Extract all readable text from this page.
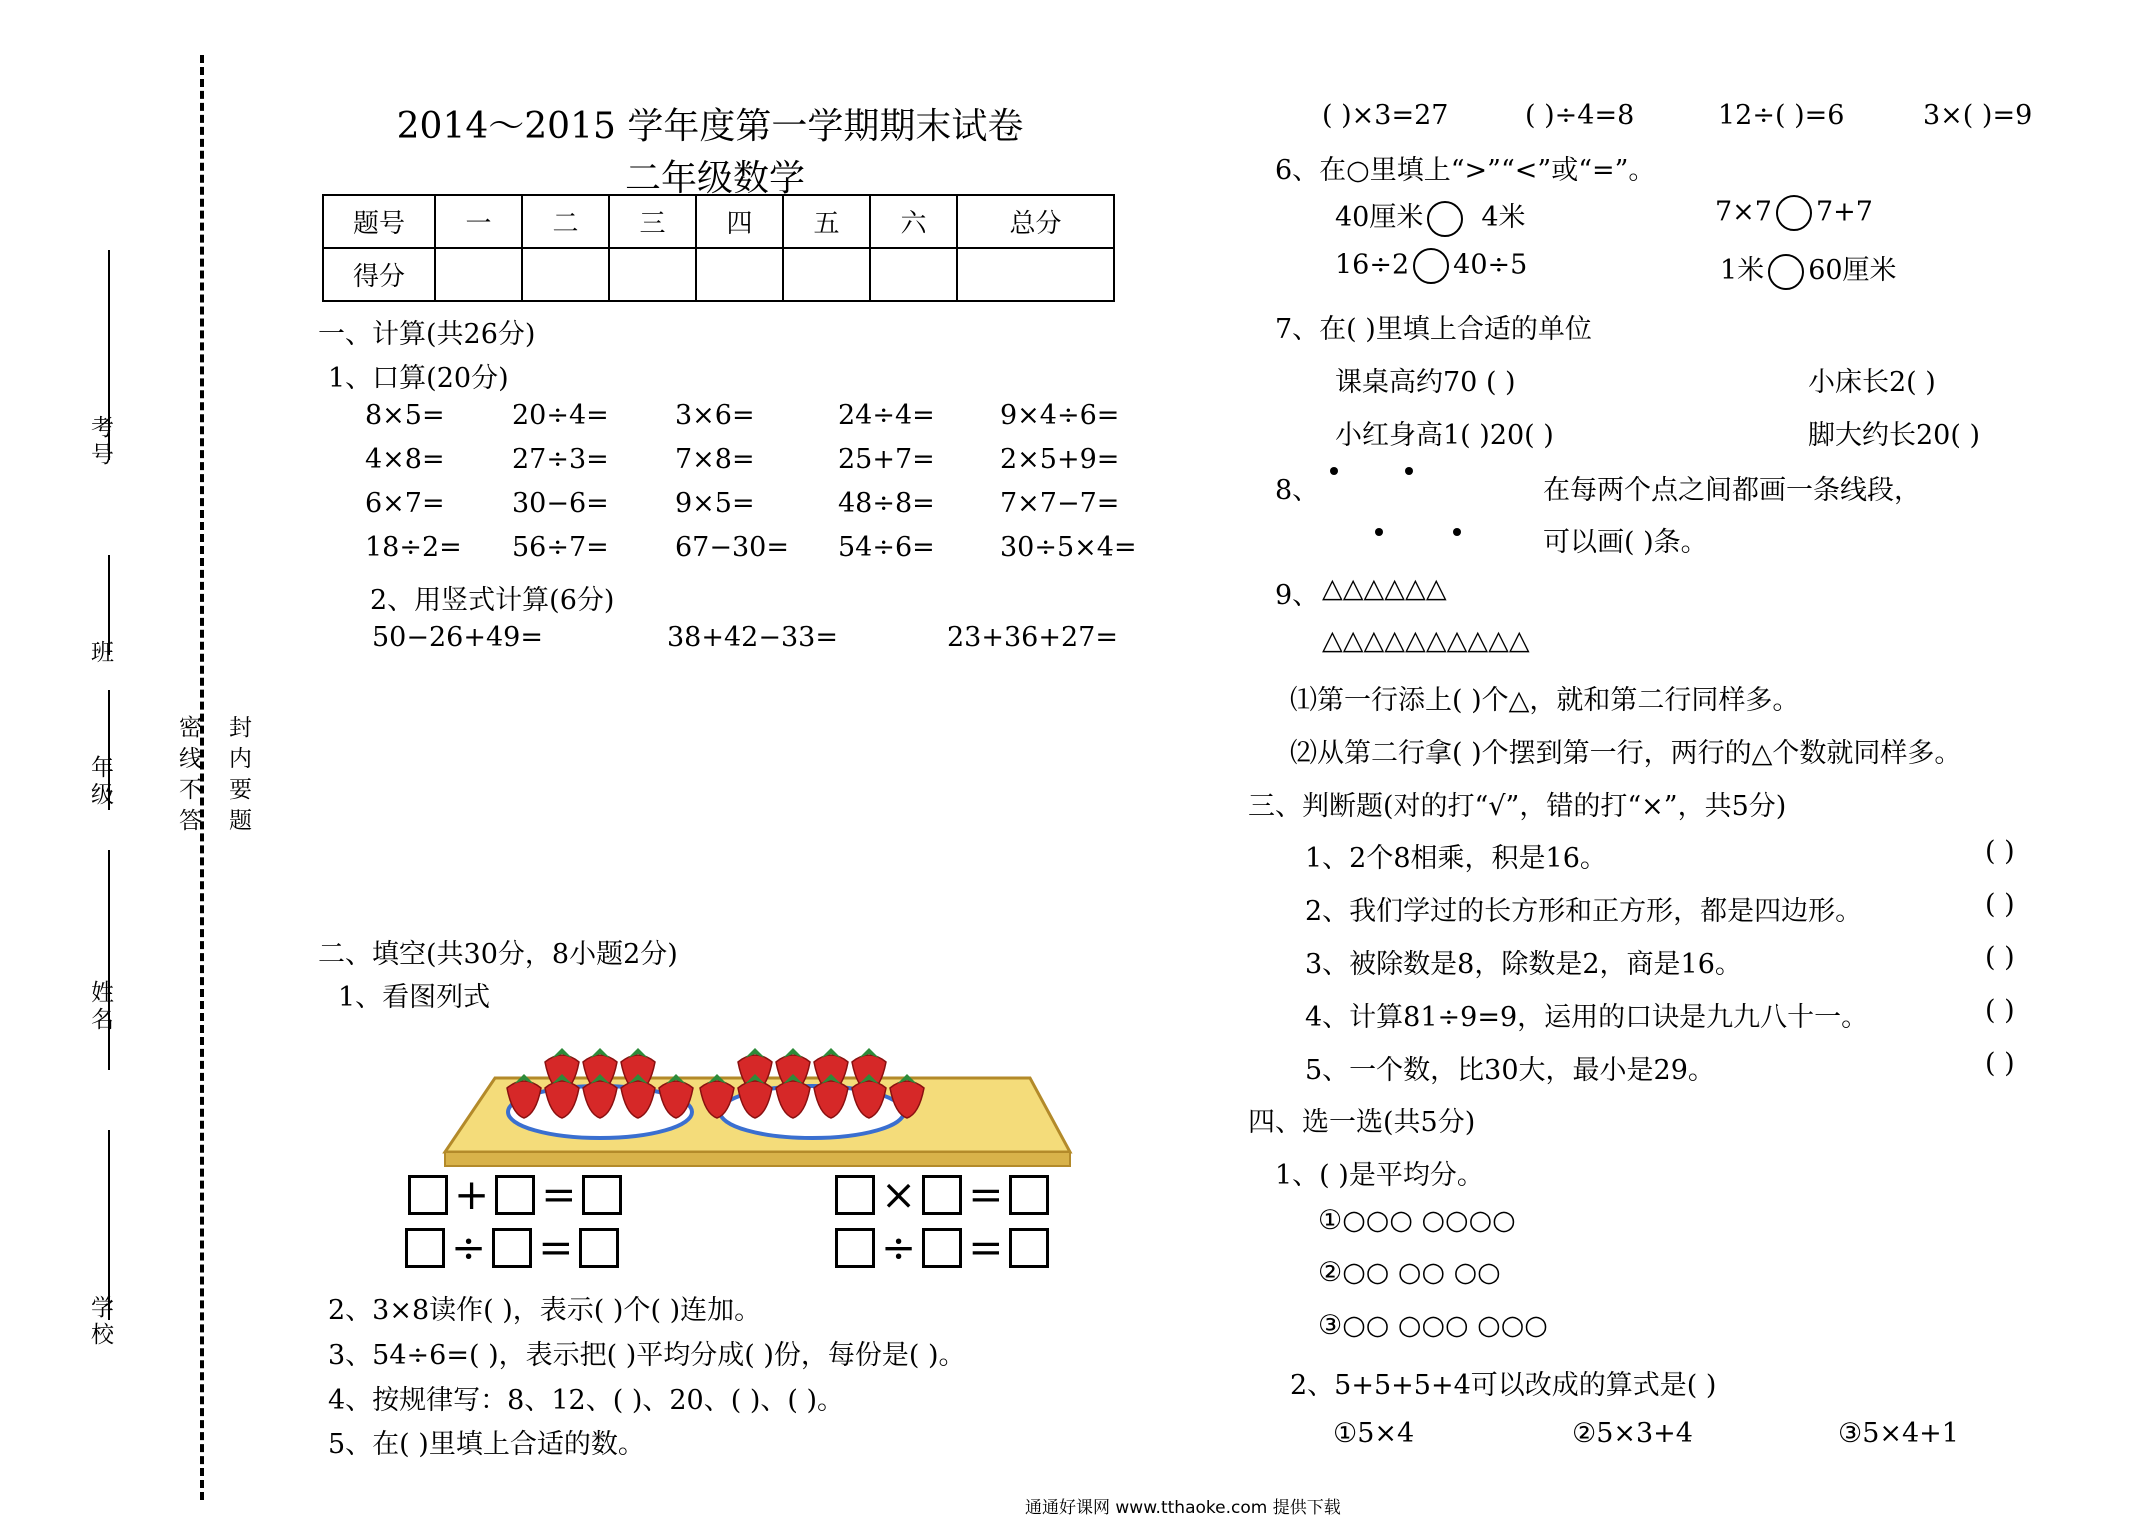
考号
班
年级
姓名
学校
密线不答 封内要题
2014～2015 学年度第一学期期末试卷
二年级数学
题号	一	二	三	四	五	六	总分
得分							
一、计算(共26分)
1、口算(20分)
8×5= 20÷4= 3×6=	24÷4= 9×4÷6=
4×8= 27÷3= 7×8=	25+7= 2×5+9=
6×7= 30−6= 9×5=	48÷8= 7×7−7=
18÷2= 56÷7= 67−30= 54÷6= 30÷5×4=
2、用竖式计算(6分)
50−26+49=	38+42−33=	23+36+27=
二、填空(共30分，8小题2分)
1、看图列式
+ =
÷ =
× =
÷ =
2、3×8读作( )，表示( )个( )连加。
3、54÷6=( )，表示把( )平均分成( )份，每份是( )。
4、按规律写：8、12、( )、20、( )、( )。
5、在( )里填上合适的数。
( )×3=27	( )÷4=8	12÷( )=6	3×( )=9
6、在○里填上“>”“<”或“=”。
40厘米 4米	7×7 7+7
16÷2 40÷5	1米 60厘米
7、在( )里填上合适的单位
课桌高约70 ( )	小床长2( )
小红身高1( )20( )	脚大约长20( )
8、	在每两个点之间都画一条线段，
可以画( )条。
9、 △△△△△△
△△△△△△△△△△
⑴第一行添上( )个△，就和第二行同样多。
⑵从第二行拿( )个摆到第一行，两行的△个数就同样多。
三、判断题(对的打“√”，错的打“×”，共5分)
1、2个8相乘，积是16。	( )
2、我们学过的长方形和正方形，都是四边形。	( )
3、被除数是8，除数是2，商是16。	( )
4、计算81÷9=9，运用的口诀是九九八十一。	( )
5、一个数，比30大，最小是29。	( )
四、选一选(共5分)
1、( )是平均分。
①○○○ ○○○○
②○○ ○○ ○○
③○○ ○○○ ○○○
2、5+5+5+4可以改成的算式是( )
①5×4	②5×3+4	③5×4+1
通通好课网 www.tthaoke.com 提供下载
